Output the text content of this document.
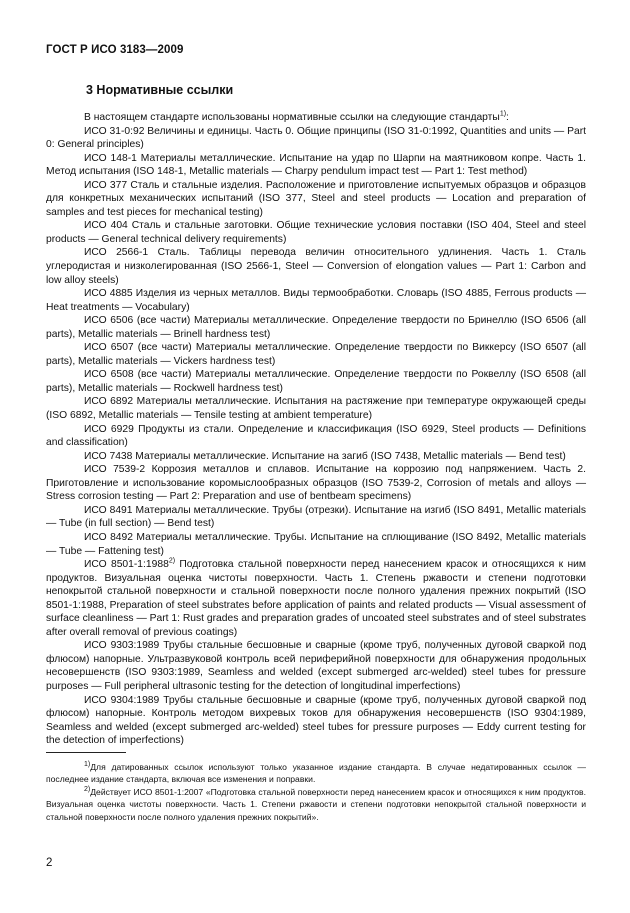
ГОСТ Р ИСО 3183—2009
3 Нормативные ссылки

В настоящем стандарте использованы нормативные ссылки на следующие стандарты$^{1)}$:

ИСО 31-0:92 Величины и единицы. Часть 0. Общие принципы (ISO 31-0:1992, Quantities and units — Part 0: General principles)

ИСО 148-1 Материалы металлические. Испытание на удар по Шарпи на маятниковом копре. Часть 1. Метод испытания (ISO 148-1, Metallic materials — Charpy pendulum impact test — Part 1: Test method)

ИСО 377 Сталь и стальные изделия. Расположение и приготовление испытуемых образцов и образцов для конкретных механических испытаний (ISO 377, Steel and steel products — Location and preparation of samples and test pieces for mechanical testing)

ИСО 404 Сталь и стальные заготовки. Общие технические условия поставки (ISO 404, Steel and steel products — General technical delivery requirements)

ИСО 2566-1 Сталь. Таблицы перевода величин относительного удлинения. Часть 1. Сталь углеродистая и низколегированная (ISO 2566-1, Steel — Conversion of elongation values — Part 1: Carbon and low alloy steels)

ИСО 4885 Изделия из черных металлов. Виды термообработки. Словарь (ISO 4885, Ferrous products — Heat treatments — Vocabulary)

ИСО 6506 (все части) Материалы металлические. Определение твердости по Бринеллю (ISO 6506 (all parts), Metallic materials — Brinell hardness test)

ИСО 6507 (все части) Материалы металлические. Определение твердости по Виккерсу (ISO 6507 (all parts), Metallic materials — Vickers hardness test)

ИСО 6508 (все части) Материалы металлические. Определение твердости по Роквеллу (ISO 6508 (all parts), Metallic materials — Rockwell hardness test)

ИСО 6892 Материалы металлические. Испытания на растяжение при температуре окружающей среды (ISO 6892, Metallic materials — Tensile testing at ambient temperature)

ИСО 6929 Продукты из стали. Определение и классификация (ISO 6929, Steel products — Definitions and classification)

ИСО 7438 Материалы металлические. Испытание на загиб (ISO 7438, Metallic materials — Bend test)

ИСО 7539-2 Коррозия металлов и сплавов. Испытание на коррозию под напряжением. Часть 2. Приготовление и использование коромыслообразных образцов (ISO 7539-2, Corrosion of metals and alloys — Stress corrosion testing — Part 2: Preparation and use of bentbeam specimens)

ИСО 8491 Материалы металлические. Трубы (отрезки). Испытание на изгиб (ISO 8491, Metallic materials — Tube (in full section) — Bend test)

ИСО 8492 Материалы металлические. Трубы. Испытание на сплющивание (ISO 8492, Metallic materials — Tube — Fattening test)

ИСО 8501-1:1988$^{2)}$ Подготовка стальной поверхности перед нанесением красок и относящихся к ним продуктов. Визуальная оценка чистоты поверхности. Часть 1. Степень ржавости и степени подготовки непокрытой стальной поверхности и стальной поверхности после полного удаления прежних покрытий (ISO 8501-1:1988, Preparation of steel substrates before application of paints and related products — Visual assessment of surface cleanliness — Part 1: Rust grades and preparation grades of uncoated steel substrates and of steel substrates after overall removal of previous coatings)

ИСО 9303:1989 Трубы стальные бесшовные и сварные (кроме труб, полученных дуговой сваркой под флюсом) напорные. Ультразвуковой контроль всей периферийной поверхности для обнаружения продольных несовершенств (ISO 9303:1989, Seamless and welded (except submerged arc-welded) steel tubes for pressure purposes — Full peripheral ultrasonic testing for the detection of longitudinal imperfections)

ИСО 9304:1989 Трубы стальные бесшовные и сварные (кроме труб, полученных дуговой сваркой под флюсом) напорные. Контроль методом вихревых токов для обнаружения несовершенств (ISO 9304:1989, Seamless and welded (except submerged arc-welded) steel tubes for pressure purposes — Eddy current testing for the detection of imperfections)

$^{1)}$Для датированных ссылок используют только указанное издание стандарта. В случае недатированных ссылок — последнее издание стандарта, включая все изменения и поправки.

$^{2)}$Действует ИСО 8501-1:2007 «Подготовка стальной поверхности перед нанесением красок и относящихся к ним продуктов. Визуальная оценка чистоты поверхности. Часть 1. Степени ржавости и степени подготовки непокрытой стальной поверхности и стальной поверхности после полного удаления прежних покрытий».

2
